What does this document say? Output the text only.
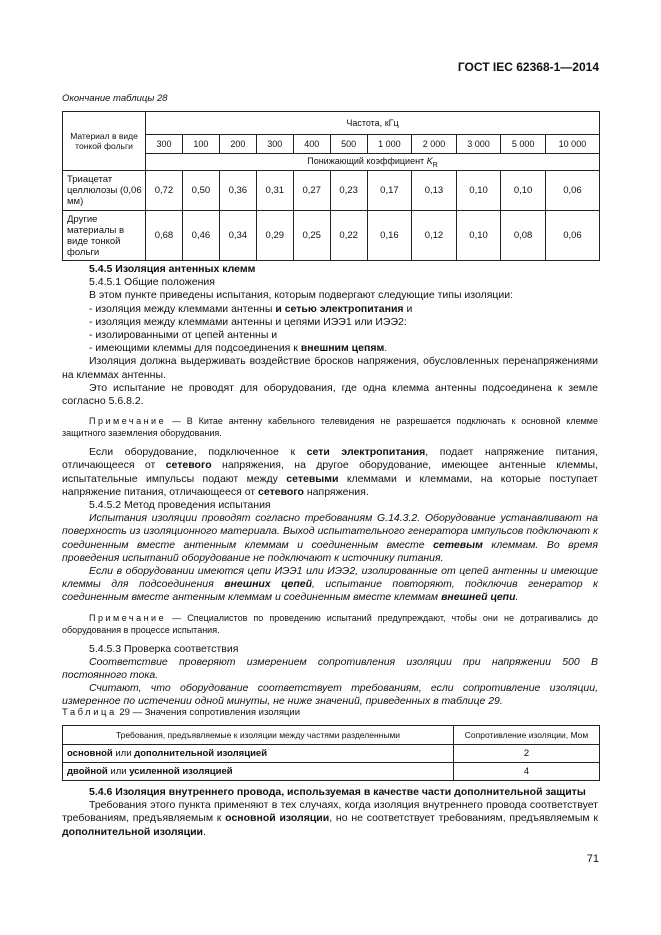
ГОСТ IEC 62368-1—2014
Окончание таблицы 28
Материал в виде тонкой фольги	Частота, кГц										
	300	100	200	300	400	500	1 000	2 000	3 000	5 000	10 000
	Понижающий коэффициент $K_R$
Триацетат целлюлозы (0,06 мм)	0,72	0,50	0,36	0,31	0,27	0,23	0,17	0,13	0,10	0,10	0,06
Другие материалы в виде тонкой фольги	0,68	0,46	0,34	0,29	0,25	0,22	0,16	0,12	0,10	0,08	0,06

5.4.5 Изоляция антенных клемм

5.4.5.1 Общие положения

В этом пункте приведены испытания, которым подвергают следующие типы изоляции:

- изоляция между клеммами антенны и сетью электропитания и

- изоляция между клеммами антенны и цепями ИЭЭ1 или ИЭЭ2:

- изолированными от цепей антенны и

- имеющими клеммы для подсоединения к внешним цепям.

Изоляция должна выдерживать воздействие бросков напряжения, обусловленных перенапряжениями на клеммах антенны.

Это испытание не проводят для оборудования, где одна клемма антенны подсоединена к земле согласно 5.6.8.2.

Примечание — В Китае антенну кабельного телевидения не разрешается подключать к основной клемме защитного заземления оборудования.

Если оборудование, подключенное к сети электропитания, подает напряжение питания, отличающееся от сетевого напряжения, на другое оборудование, имеющее антенные клеммы, испытательные импульсы подают между сетевыми клеммами и клеммами, на которые поступает напряжение питания, отличающееся от сетевого напряжения.

5.4.5.2 Метод проведения испытания

Испытания изоляции проводят согласно требованиям G.14.3.2. Оборудование устанавливают на поверхность из изоляционного материала. Выход испытательного генератора импульсов подключают к соединенным вместе антенным клеммам и соединенным вместе сетевым клеммам. Во время проведения испытаний оборудование не подключают к источнику питания.

Если в оборудовании имеются цепи ИЭЭ1 или ИЭЭ2, изолированные от цепей антенны и имеющие клеммы для подсоединения внешних цепей, испытание повторяют, подключив генератор к соединенным вместе антенным клеммам и соединенным вместе клеммам внешней цепи.

Примечание — Специалистов по проведению испытаний предупреждают, чтобы они не дотрагивались до оборудования в процессе испытания.

5.4.5.3 Проверка соответствия

Соответствие проверяют измерением сопротивления изоляции при напряжении 500 В постоянного тока.

Считают, что оборудование соответствует требованиям, если сопротивление изоляции, измеренное по истечении одной минуты, не ниже значений, приведенных в таблице 29.

Таблица 29 — Значения сопротивления изоляции
Требования, предъявляемые к изоляции между частями разделенными	Сопротивление изоляции, Мом
основной или дополнительной изоляцией	2
двойной или усиленной изоляцией	4

5.4.6 Изоляция внутреннего провода, используемая в качестве части дополнительной защиты

Требования этого пункта применяют в тех случаях, когда изоляция внутреннего провода соответствует требованиям, предъявляемым к основной изоляции, но не соответствует требованиям, предъявляемым к дополнительной изоляции.

71
